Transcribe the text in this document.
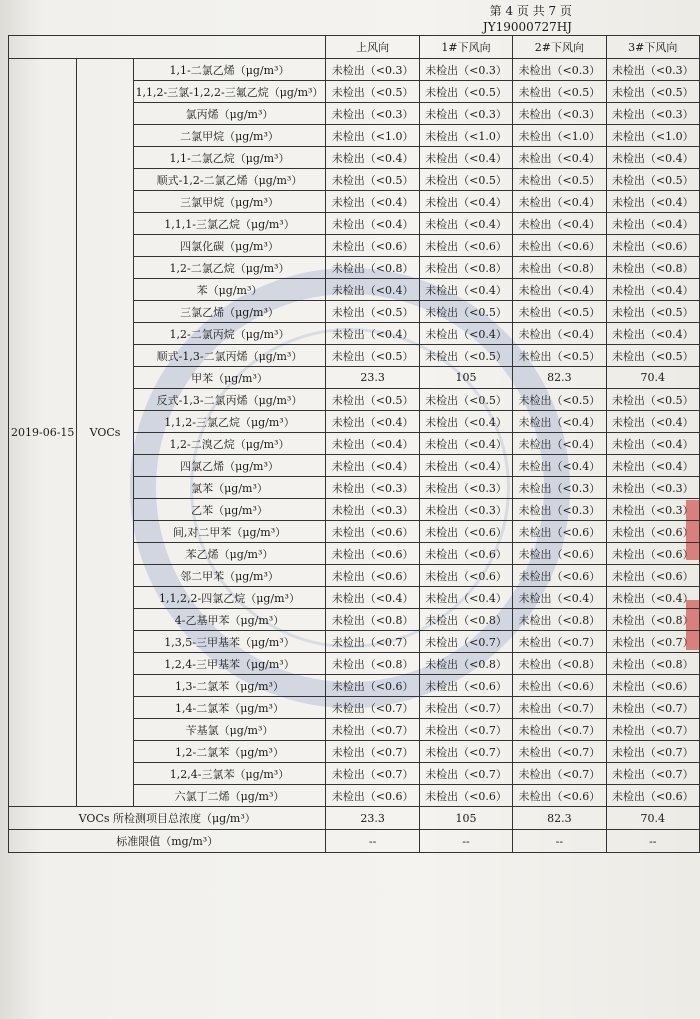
第 4 页 共 7 页
JY19000727HJ
			上风向	1#下风向	2#下风向	3#下风向
2019-06-15	VOCs	1,1-二氯乙烯（μg/m³）	未检出（<0.3）	未检出（<0.3）	未检出（<0.3）	未检出（<0.3）
		1,1,2-三氯-1,2,2-三氟乙烷（μg/m³）	未检出（<0.5）	未检出（<0.5）	未检出（<0.5）	未检出（<0.5）
		氯丙烯（μg/m³）	未检出（<0.3）	未检出（<0.3）	未检出（<0.3）	未检出（<0.3）
		二氯甲烷（μg/m³）	未检出（<1.0）	未检出（<1.0）	未检出（<1.0）	未检出（<1.0）
		1,1-二氯乙烷（μg/m³）	未检出（<0.4）	未检出（<0.4）	未检出（<0.4）	未检出（<0.4）
		顺式-1,2-二氯乙烯（μg/m³）	未检出（<0.5）	未检出（<0.5）	未检出（<0.5）	未检出（<0.5）
		三氯甲烷（μg/m³）	未检出（<0.4）	未检出（<0.4）	未检出（<0.4）	未检出（<0.4）
		1,1,1-三氯乙烷（μg/m³）	未检出（<0.4）	未检出（<0.4）	未检出（<0.4）	未检出（<0.4）
		四氯化碳（μg/m³）	未检出（<0.6）	未检出（<0.6）	未检出（<0.6）	未检出（<0.6）
		1,2-二氯乙烷（μg/m³）	未检出（<0.8）	未检出（<0.8）	未检出（<0.8）	未检出（<0.8）
		苯（μg/m³）	未检出（<0.4）	未检出（<0.4）	未检出（<0.4）	未检出（<0.4）
		三氯乙烯（μg/m³）	未检出（<0.5）	未检出（<0.5）	未检出（<0.5）	未检出（<0.5）
		1,2-二氯丙烷（μg/m³）	未检出（<0.4）	未检出（<0.4）	未检出（<0.4）	未检出（<0.4）
		顺式-1,3-二氯丙烯（μg/m³）	未检出（<0.5）	未检出（<0.5）	未检出（<0.5）	未检出（<0.5）
		甲苯（μg/m³）	23.3	105	82.3	70.4
		反式-1,3-二氯丙烯（μg/m³）	未检出（<0.5）	未检出（<0.5）	未检出（<0.5）	未检出（<0.5）
		1,1,2-三氯乙烷（μg/m³）	未检出（<0.4）	未检出（<0.4）	未检出（<0.4）	未检出（<0.4）
		1,2-二溴乙烷（μg/m³）	未检出（<0.4）	未检出（<0.4）	未检出（<0.4）	未检出（<0.4）
		四氯乙烯（μg/m³）	未检出（<0.4）	未检出（<0.4）	未检出（<0.4）	未检出（<0.4）
		氯苯（μg/m³）	未检出（<0.3）	未检出（<0.3）	未检出（<0.3）	未检出（<0.3）
		乙苯（μg/m³）	未检出（<0.3）	未检出（<0.3）	未检出（<0.3）	未检出（<0.3）
		间,对二甲苯（μg/m³）	未检出（<0.6）	未检出（<0.6）	未检出（<0.6）	未检出（<0.6）
		苯乙烯（μg/m³）	未检出（<0.6）	未检出（<0.6）	未检出（<0.6）	未检出（<0.6）
		邻二甲苯（μg/m³）	未检出（<0.6）	未检出（<0.6）	未检出（<0.6）	未检出（<0.6）
		1,1,2,2-四氯乙烷（μg/m³）	未检出（<0.4）	未检出（<0.4）	未检出（<0.4）	未检出（<0.4）
		4-乙基甲苯（μg/m³）	未检出（<0.8）	未检出（<0.8）	未检出（<0.8）	未检出（<0.8）
		1,3,5-三甲基苯（μg/m³）	未检出（<0.7）	未检出（<0.7）	未检出（<0.7）	未检出（<0.7）
		1,2,4-三甲基苯（μg/m³）	未检出（<0.8）	未检出（<0.8）	未检出（<0.8）	未检出（<0.8）
		1,3-二氯苯（μg/m³）	未检出（<0.6）	未检出（<0.6）	未检出（<0.6）	未检出（<0.6）
		1,4-二氯苯（μg/m³）	未检出（<0.7）	未检出（<0.7）	未检出（<0.7）	未检出（<0.7）
		苄基氯（μg/m³）	未检出（<0.7）	未检出（<0.7）	未检出（<0.7）	未检出（<0.7）
		1,2-二氯苯（μg/m³）	未检出（<0.7）	未检出（<0.7）	未检出（<0.7）	未检出（<0.7）
		1,2,4-三氯苯（μg/m³）	未检出（<0.7）	未检出（<0.7）	未检出（<0.7）	未检出（<0.7）
		六氯丁二烯（μg/m³）	未检出（<0.6）	未检出（<0.6）	未检出（<0.6）	未检出（<0.6）
VOCs 所检测项目总浓度（μg/m³）			23.3	105	82.3	70.4
标准限值（mg/m³）			--	--	--	--
